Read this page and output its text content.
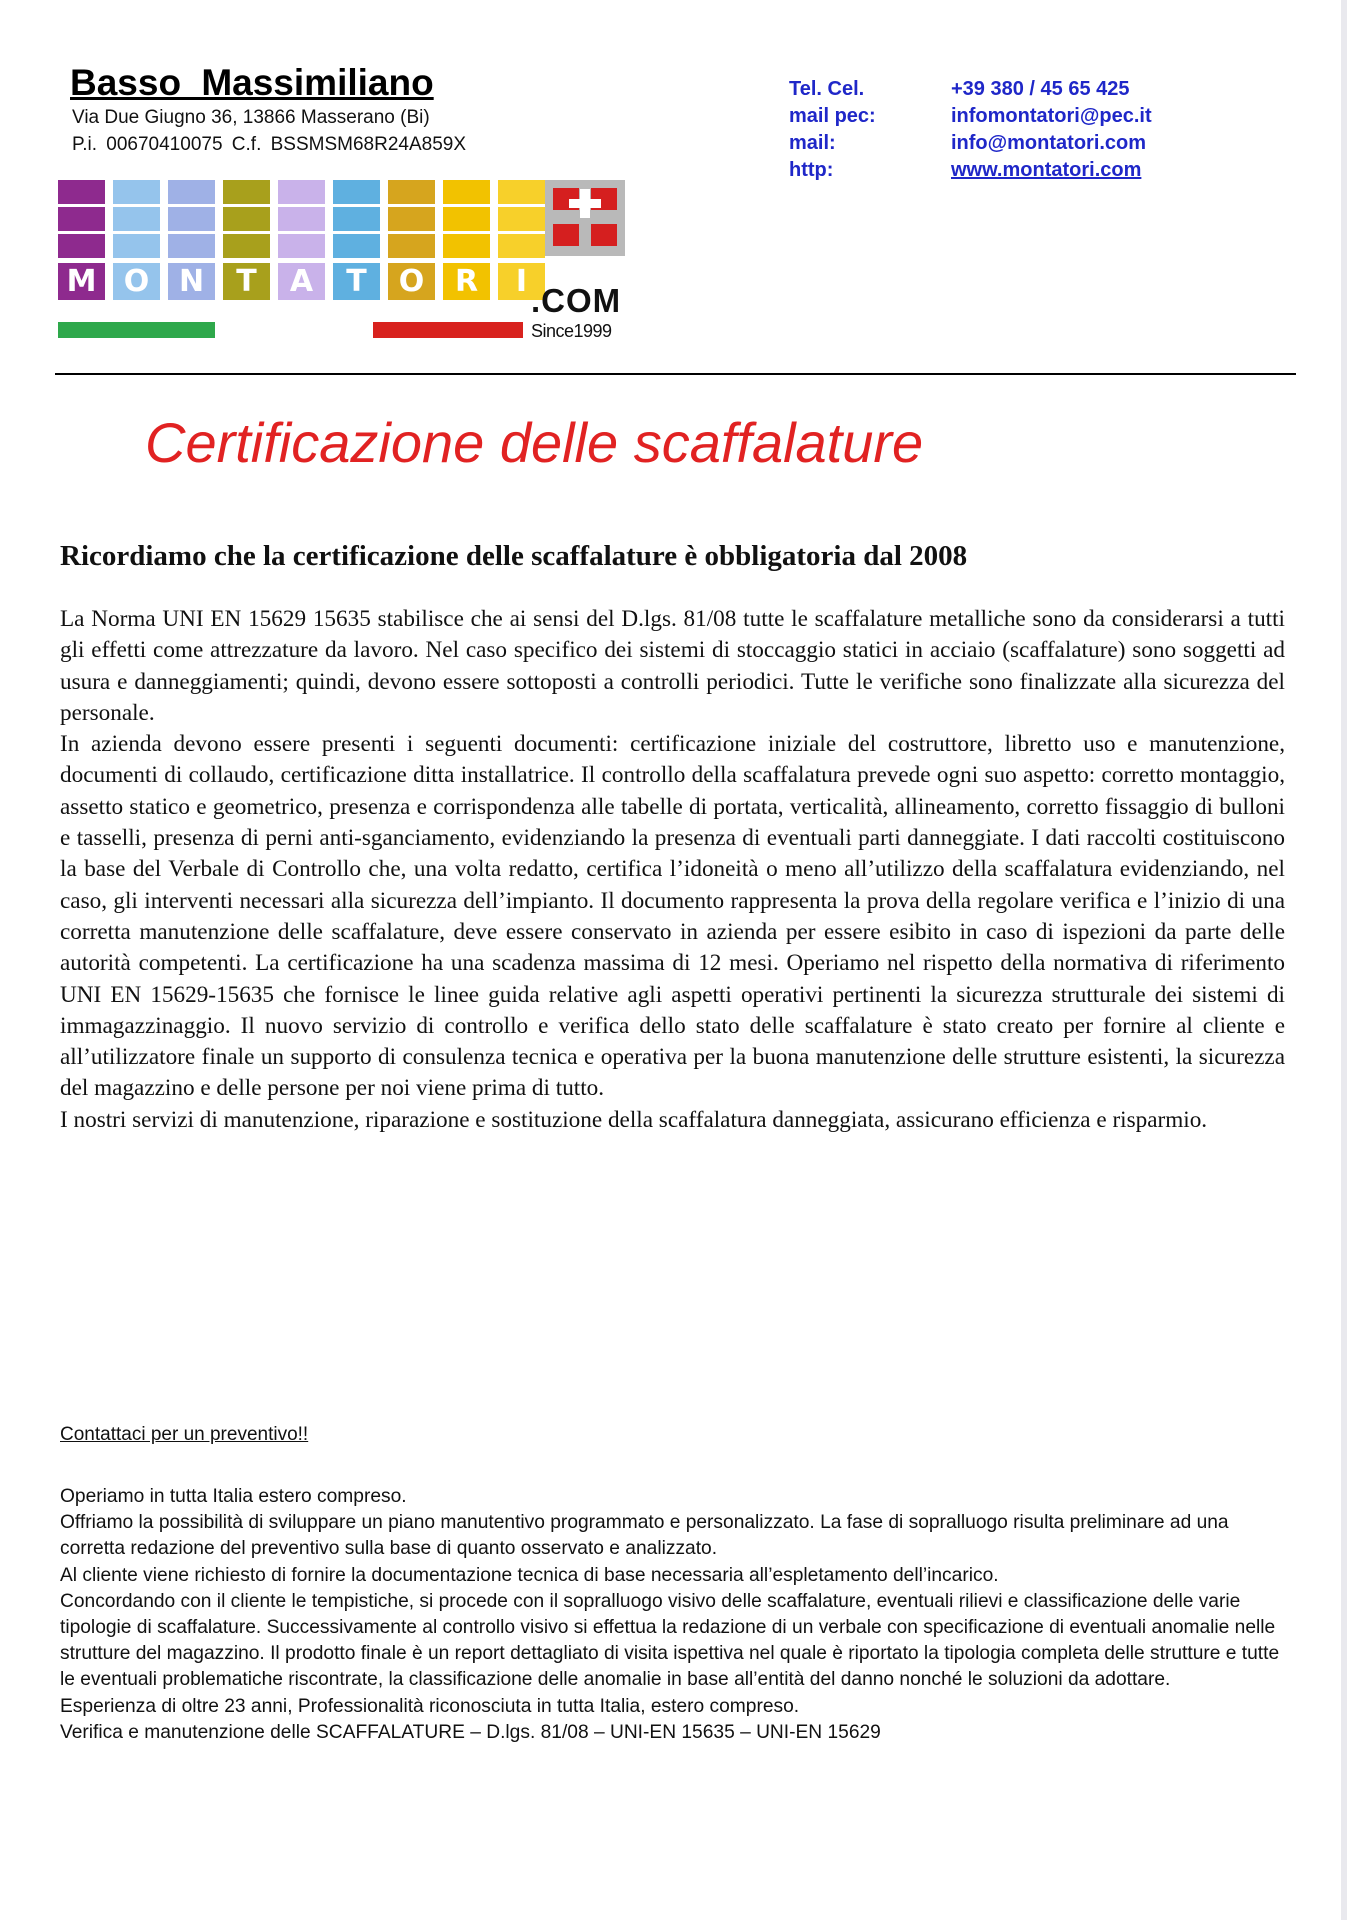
Basso Massimiliano
Via Due Giugno 36, 13866 Masserano (Bi)
P.i. 00670410075 C.f. BSSMSM68R24A859X
Tel. Cel.	+39 380 / 45 65 425
mail pec:	infomontatori@pec.it
mail:	info@montatori.com
http:	www.montatori.com
M O N	T	A	T	O	R	I
.COM
Since1999
Certificazione delle scaffalature
Ricordiamo che la certificazione delle scaffalature è obbligatoria dal 2008

La Norma UNI EN 15629 15635 stabilisce che ai sensi del D.lgs. 81/08 tutte le scaffalature metalliche sono da considerarsi a tutti gli effetti come attrezzature da lavoro. Nel caso specifico dei sistemi di stoccaggio statici in acciaio (scaffalature) sono soggetti ad usura e danneggiamenti; quindi, devono essere sottoposti a controlli periodici. Tutte le verifiche sono finalizzate alla sicurezza del personale.

In azienda devono essere presenti i seguenti documenti: certificazione iniziale del costruttore, libretto uso e manutenzione, documenti di collaudo, certificazione ditta installatrice. Il controllo della scaffalatura prevede ogni suo aspetto: corretto montaggio, assetto statico e geometrico, presenza e corrispondenza alle tabelle di portata, verticalità, allineamento, corretto fissaggio di bulloni e tasselli, presenza di perni anti-sganciamento, evidenziando la presenza di eventuali parti danneggiate. I dati raccolti costituiscono la base del Verbale di Controllo che, una volta redatto, certifica l’idoneità o meno all’utilizzo della scaffalatura evidenziando, nel caso, gli interventi necessari alla sicurezza dell’impianto. Il documento rappresenta la prova della regolare verifica e l’inizio di una corretta manutenzione delle scaffalature, deve essere conservato in azienda per essere esibito in caso di ispezioni da parte delle autorità competenti. La certificazione ha una scadenza massima di 12 mesi. Operiamo nel rispetto della normativa di riferimento UNI EN 15629-15635 che fornisce le linee guida relative agli aspetti operativi pertinenti la sicurezza strutturale dei sistemi di immagazzinaggio. Il nuovo servizio di controllo e verifica dello stato delle scaffalature è stato creato per fornire al cliente e all’utilizzatore finale un supporto di consulenza tecnica e operativa per la buona manutenzione delle strutture esistenti, la sicurezza del magazzino e delle persone per noi viene prima di tutto.

I nostri servizi di manutenzione, riparazione e sostituzione della scaffalatura danneggiata, assicurano efficienza e risparmio.

Contattaci per un preventivo!!

Operiamo in tutta Italia estero compreso.

Offriamo la possibilità di sviluppare un piano manutentivo programmato e personalizzato. La fase di sopralluogo risulta preliminare ad una corretta redazione del preventivo sulla base di quanto osservato e analizzato.

Al cliente viene richiesto di fornire la documentazione tecnica di base necessaria all’espletamento dell’incarico.

Concordando con il cliente le tempistiche, si procede con il sopralluogo visivo delle scaffalature, eventuali rilievi e classificazione delle varie tipologie di scaffalature. Successivamente al controllo visivo si effettua la redazione di un verbale con specificazione di eventuali anomalie nelle strutture del magazzino. Il prodotto finale è un report dettagliato di visita ispettiva nel quale è riportato la tipologia completa delle strutture e tutte le eventuali problematiche riscontrate, la classificazione delle anomalie in base all’entità del danno nonché le soluzioni da adottare.

Esperienza di oltre 23 anni, Professionalità riconosciuta in tutta Italia, estero compreso.

Verifica e manutenzione delle SCAFFALATURE – D.lgs. 81/08 – UNI-EN 15635 – UNI-EN 15629
